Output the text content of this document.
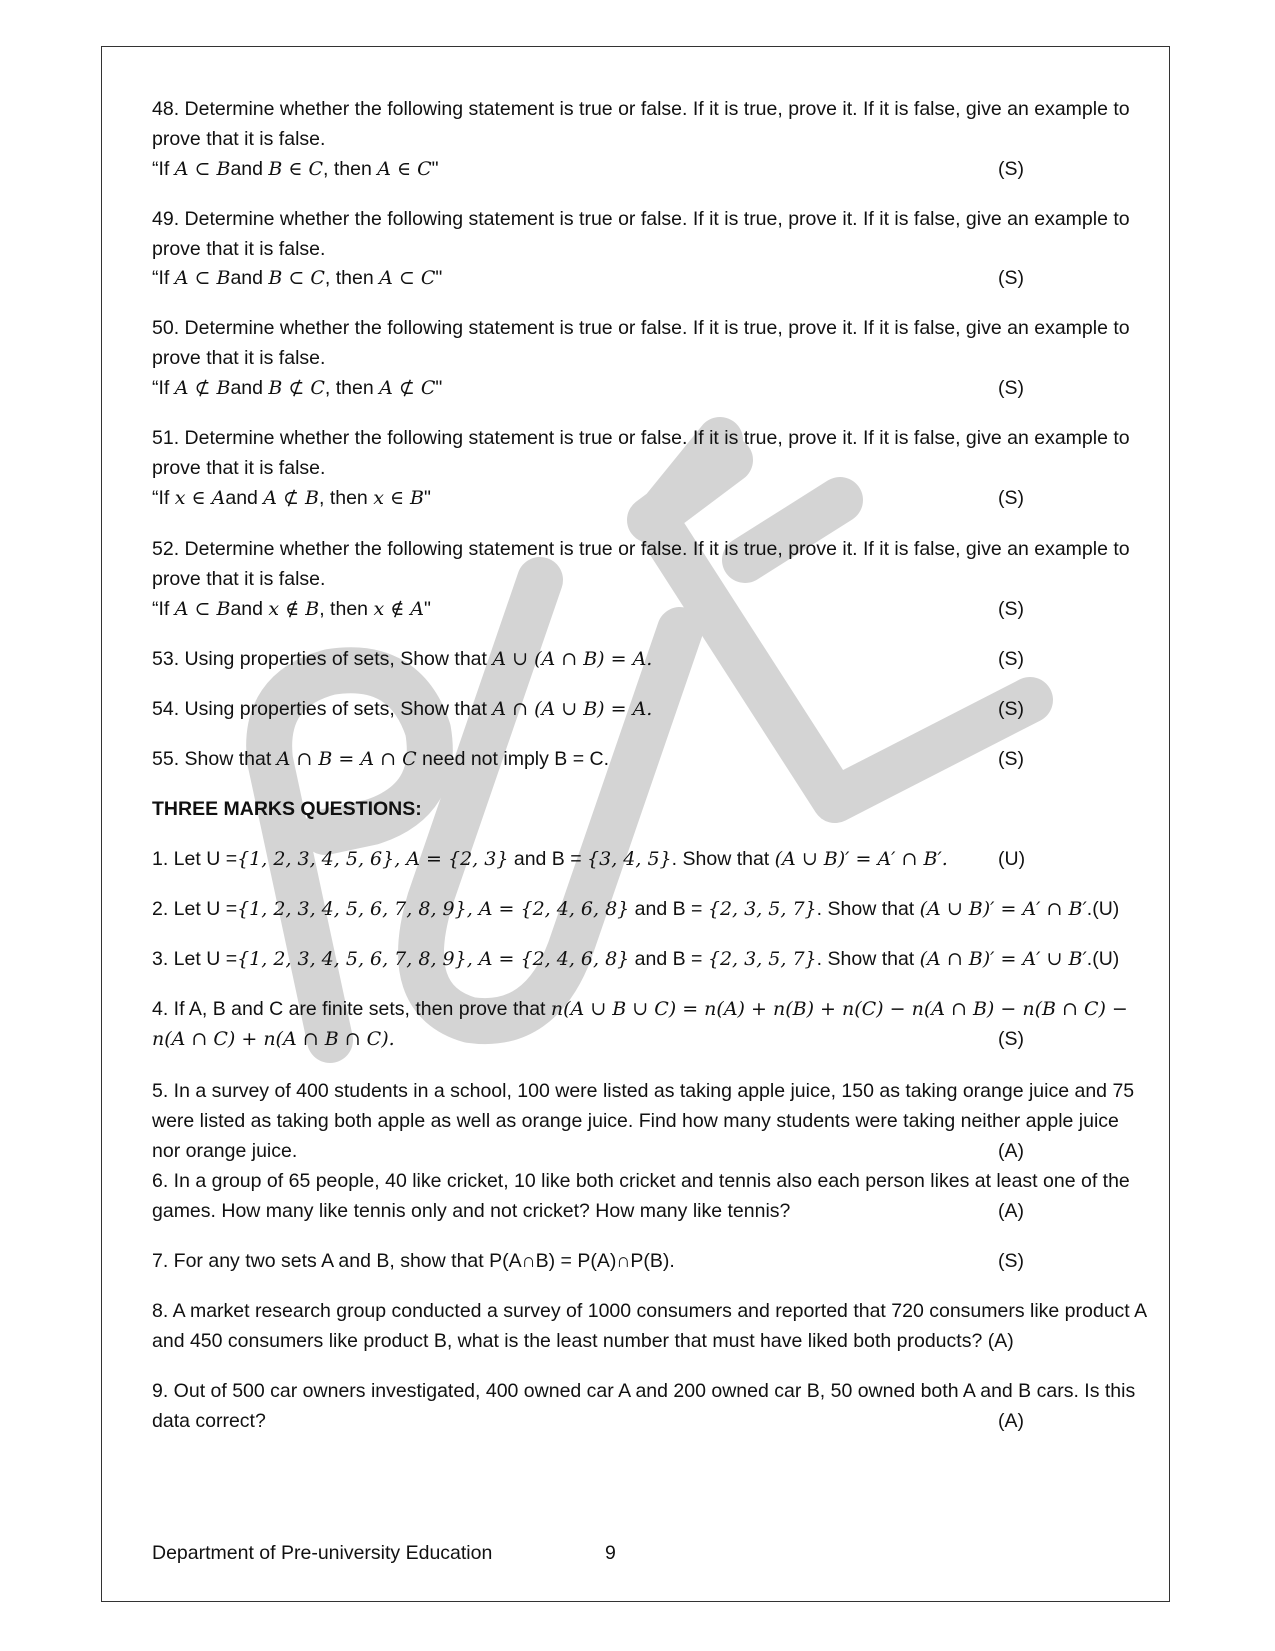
PUE
48. Determine whether the following statement is true or false. If it is true, prove it. If it is false, give an example to
prove that it is false.
“If A ⊂ Band B ∈ C, then A ∈ C"	(S)
49. Determine whether the following statement is true or false. If it is true, prove it. If it is false, give an example to
prove that it is false.
“If A ⊂ Band B ⊂ C, then A ⊂ C"	(S)
50. Determine whether the following statement is true or false. If it is true, prove it. If it is false, give an example to
prove that it is false.
“If A ⊄ Band B ⊄ C, then A ⊄ C"	(S)
51. Determine whether the following statement is true or false. If it is true, prove it. If it is false, give an example to
prove that it is false.
“If x ∈ Aand A ⊄ B, then x ∈ B"	(S)
52. Determine whether the following statement is true or false. If it is true, prove it. If it is false, give an example to
prove that it is false.
“If A ⊂ Band x ∉ B, then x ∉ A"	(S)
53. Using properties of sets, Show that A ∪ (A ∩ B) = A.	(S)
54. Using properties of sets, Show that A ∩ (A ∪ B) = A.	(S)
55. Show that A ∩ B = A ∩ C need not imply B = C.	(S)
THREE MARKS QUESTIONS:
1. Let U ={1, 2, 3, 4, 5, 6}, A = {2, 3} and B = {3, 4, 5}. Show that (A ∪ B)′ = A′ ∩ B′.	(U)
2. Let U ={1, 2, 3, 4, 5, 6, 7, 8, 9}, A = {2, 4, 6, 8} and B = {2, 3, 5, 7}. Show that (A ∪ B)′ = A′ ∩ B′.(U)
3. Let U ={1, 2, 3, 4, 5, 6, 7, 8, 9}, A = {2, 4, 6, 8} and B = {2, 3, 5, 7}. Show that (A ∩ B)′ = A′ ∪ B′.(U)
4. If A, B and C are finite sets, then prove that n(A ∪ B ∪ C) = n(A) + n(B) + n(C) − n(A ∩ B) − n(B ∩ C) −
n(A ∩ C) + n(A ∩ B ∩ C).	(S)
5. In a survey of 400 students in a school, 100 were listed as taking apple juice, 150 as taking orange juice and 75
were listed as taking both apple as well as orange juice. Find how many students were taking neither apple juice
nor orange juice.	(A)
6. In a group of 65 people, 40 like cricket, 10 like both cricket and tennis also each person likes at least one of the
games. How many like tennis only and not cricket? How many like tennis?	(A)
7. For any two sets A and B, show that P(A∩B) = P(A)∩P(B).	(S)
8. A market research group conducted a survey of 1000 consumers and reported that 720 consumers like product A
and 450 consumers like product B, what is the least number that must have liked both products? (A)
9. Out of 500 car owners investigated, 400 owned car A and 200 owned car B, 50 owned both A and B cars. Is this
data correct?	(A)
Department of Pre-university Education	9
